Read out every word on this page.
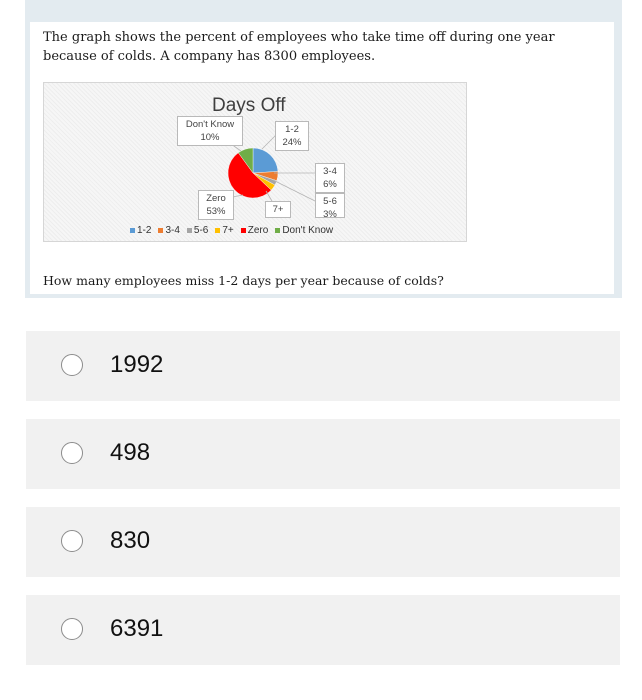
The graph shows the percent of employees who take time off during one year because of colds. A company has 8300 employees.
Days Off
Don't Know
10%
1-2
24%
3-4
6%
5-6
3%
7+
Zero
53%
1-2 3-4 5-6 7+ Zero Don't Know
How many employees miss 1-2 days per year because of colds?
1992
498
830
6391
